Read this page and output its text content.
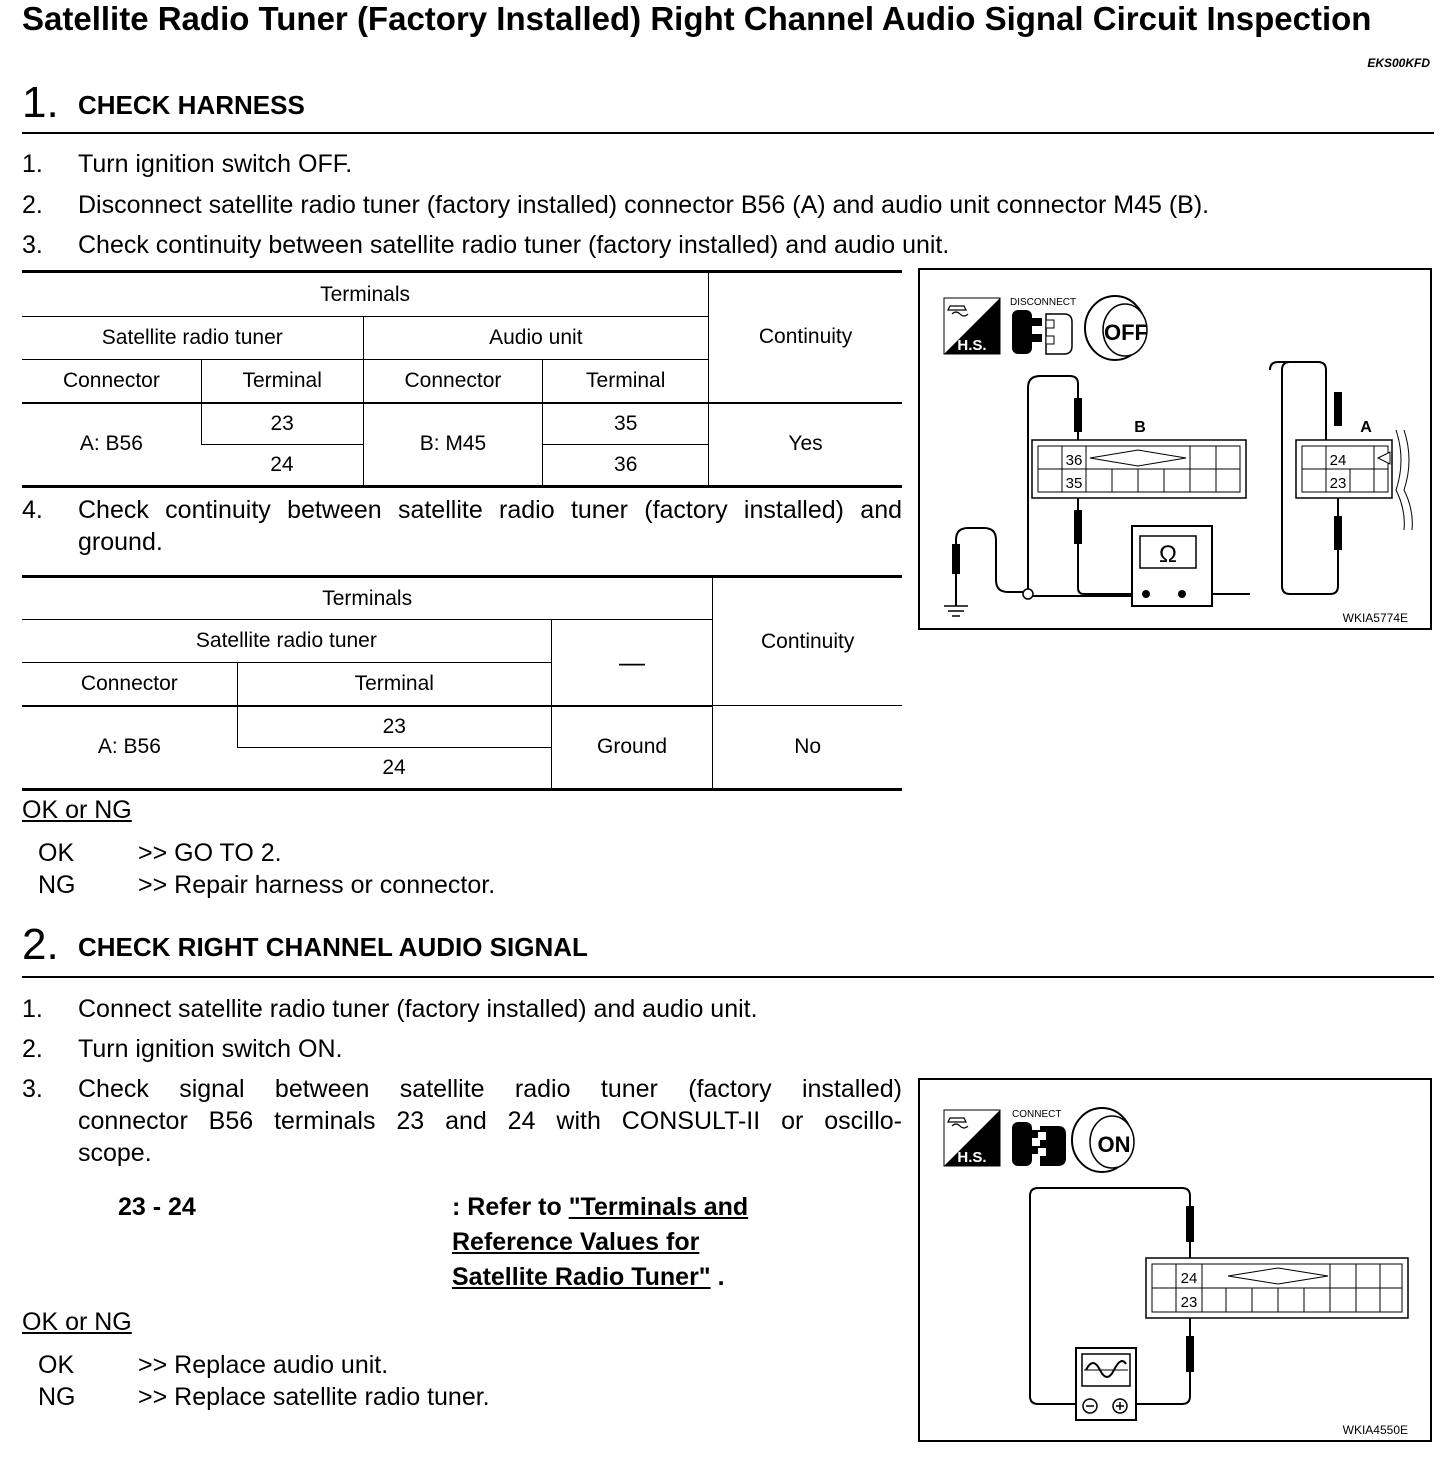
Satellite Radio Tuner (Factory Installed) Right Channel Audio Signal Circuit Inspection
EKS00KFD
1. CHECK HARNESS
1. Turn ignition switch OFF.
2. Disconnect satellite radio tuner (factory installed) connector B56 (A) and audio unit connector M45 (B).
3. Check continuity between satellite radio tuner (factory installed) and audio unit.
Terminals				Continuity
Satellite radio tuner		Audio unit		
Connector	Terminal	Connector	Terminal	
A: B56	23	B: M45	35	Yes
	24		36	
4. Check continuity between satellite radio tuner (factory installed) and ground.
Terminals			Continuity
Satellite radio tuner		—	
Connector	Terminal		
A: B56	23	Ground	No
	24		
OK or NG
OK	>> GO TO 2.
NG	>> Repair harness or connector.
H.S.
DISCONNECT
OFF
B
36
35
A
24
23
Ω
WKIA5774E
2. CHECK RIGHT CHANNEL AUDIO SIGNAL
1. Connect satellite radio tuner (factory installed) and audio unit.
2. Turn ignition switch ON.
3. Check signal between satellite radio tuner (factory installed)
connector B56 terminals 23 and 24 with CONSULT-II or oscillo-
scope.
23 - 24	: Refer to "Terminals and
Reference Values for
Satellite Radio Tuner" .
OK or NG
OK	>> Replace audio unit.
NG	>> Replace satellite radio tuner.
H.S.
CONNECT
ON
24
23
WKIA4550E
